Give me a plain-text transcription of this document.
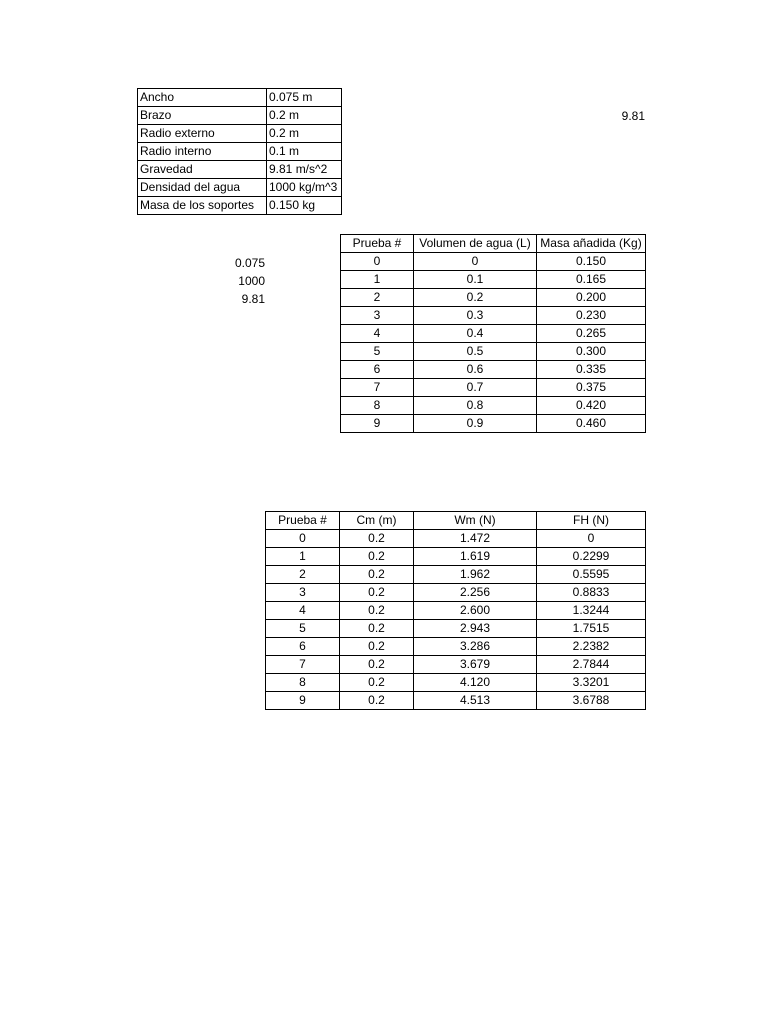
Ancho	0.075 m
Brazo	0.2 m
Radio externo	0.2 m
Radio interno	0.1 m
Gravedad	9.81 m/s^2
Densidad del agua	1000 kg/m^3
Masa de los soportes	0.150 kg
9.81
0.075
1000
9.81
Prueba #	Volumen de agua (L)	Masa añadida (Kg)
0	0	0.150
1	0.1	0.165
2	0.2	0.200
3	0.3	0.230
4	0.4	0.265
5	0.5	0.300
6	0.6	0.335
7	0.7	0.375
8	0.8	0.420
9	0.9	0.460
Prueba #	Cm (m)	Wm (N)	FH (N)
0	0.2	1.472	0
1	0.2	1.619	0.2299
2	0.2	1.962	0.5595
3	0.2	2.256	0.8833
4	0.2	2.600	1.3244
5	0.2	2.943	1.7515
6	0.2	3.286	2.2382
7	0.2	3.679	2.7844
8	0.2	4.120	3.3201
9	0.2	4.513	3.6788
